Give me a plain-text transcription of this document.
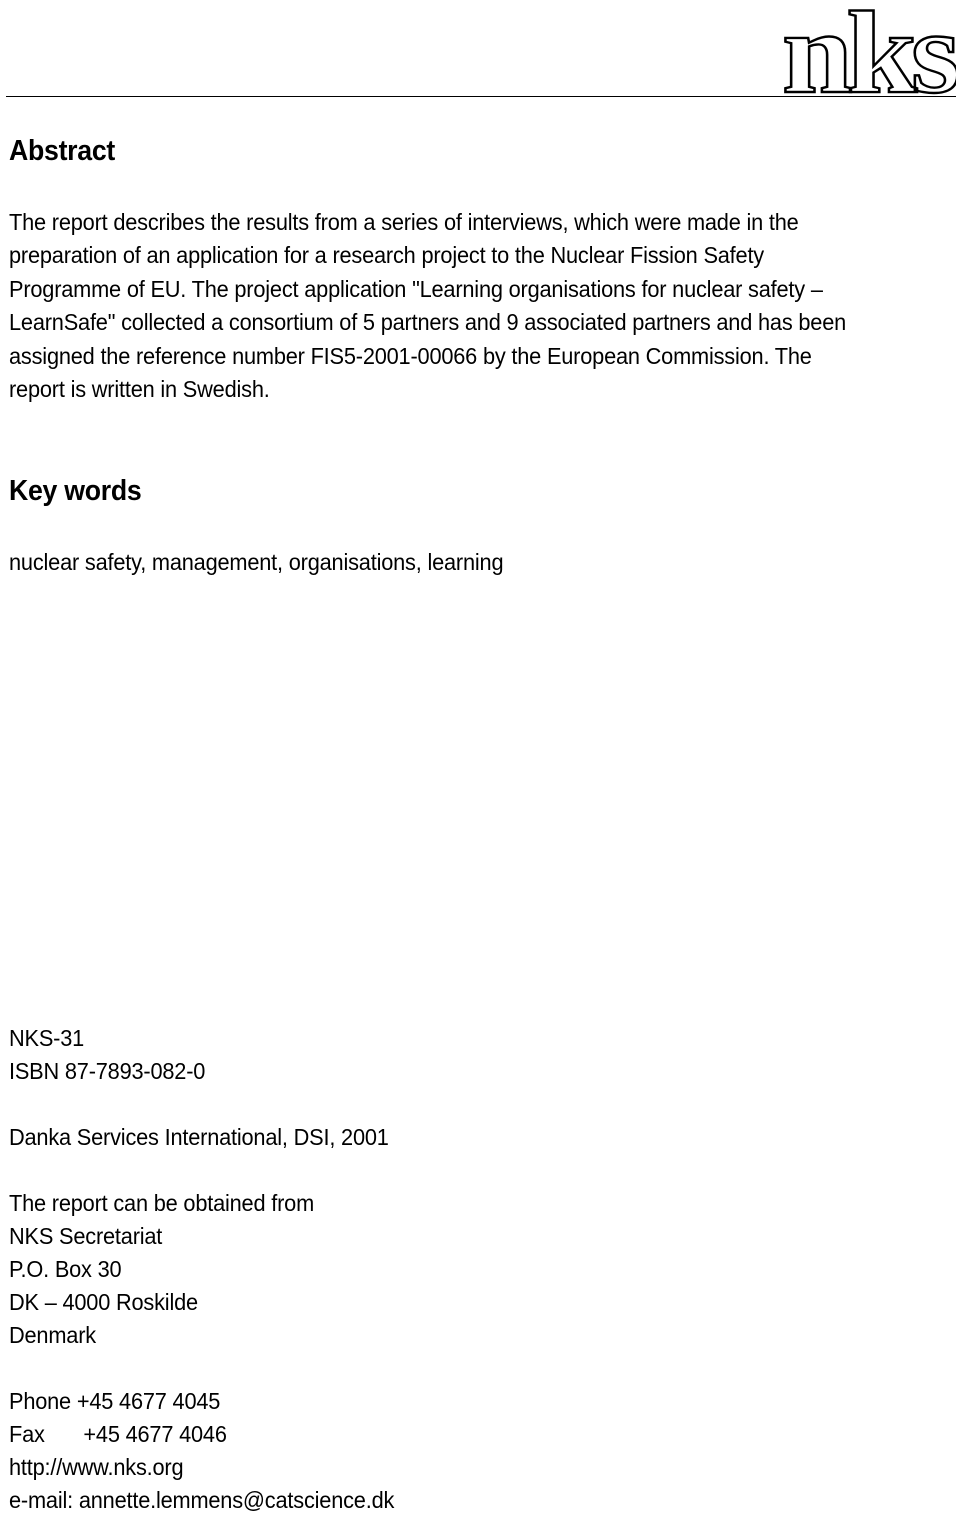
nks
Abstract
The report describes the results from a series of interviews, which were made in the
preparation of an application for a research project to the Nuclear Fission Safety
Programme of EU. The project application "Learning organisations for nuclear safety –
LearnSafe" collected a consortium of 5 partners and 9 associated partners and has been
assigned the reference number FIS5-2001-00066 by the European Commission. The
report is written in Swedish.
Key words
nuclear safety, management, organisations, learning
NKS-31
ISBN 87-7893-082-0
Danka Services International, DSI, 2001
The report can be obtained from
NKS Secretariat
P.O. Box 30
DK – 4000 Roskilde
Denmark
Phone +45 4677 4045
Fax +45 4677 4046
http://www.nks.org
e-mail: annette.lemmens@catscience.dk
